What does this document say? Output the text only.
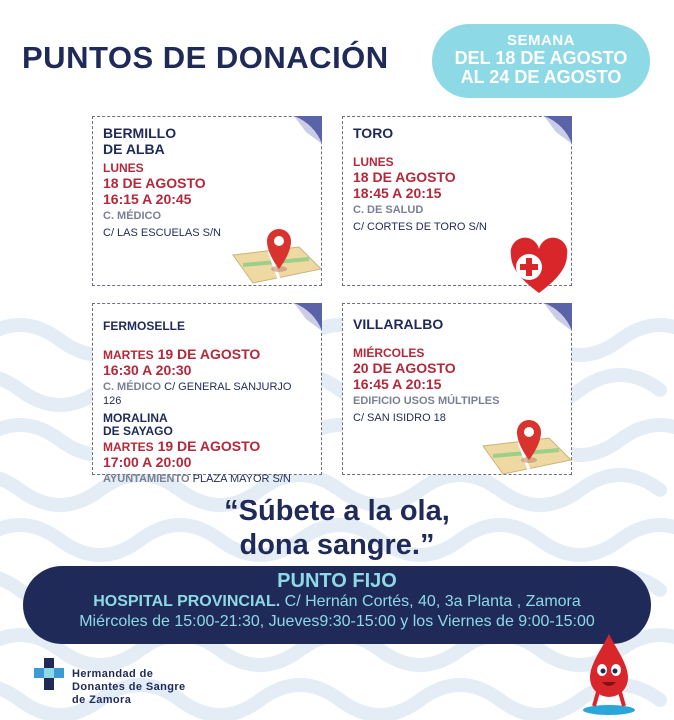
PUNTOS DE DONACIÓN	SEMANA
DEL 18 DE AGOSTO
AL 24 DE AGOSTO
BERMILLO
DE ALBA
LUNES
18 DE AGOSTO
16:15 A 20:45
C. MÉDICO
C/ LAS ESCUELAS S/N
TORO
LUNES
18 DE AGOSTO
18:45 A 20:15
C. DE SALUD
C/ CORTES DE TORO S/N
FERMOSELLE
MARTES 19 DE AGOSTO
16:30 A 20:30
C. MÉDICO C/ GENERAL SANJURJO 126
MORALINA
DE SAYAGO
MARTES 19 DE AGOSTO
17:00 A 20:00
AYUNTAMIENTO PLAZA MAYOR S/N
VILLARALBO
MIÉRCOLES
20 DE AGOSTO
16:45 A 20:15
EDIFICIO USOS MÚLTIPLES
C/ SAN ISIDRO 18
“Súbete a la ola,
dona sangre.”
PUNTO FIJO
HOSPITAL PROVINCIAL. C/ Hernán Cortés, 40, 3a Planta , Zamora
Miércoles de 15:00-21:30, Jueves9:30-15:00 y los Viernes de 9:00-15:00
Hermandad de
Donantes de Sangre
de Zamora
